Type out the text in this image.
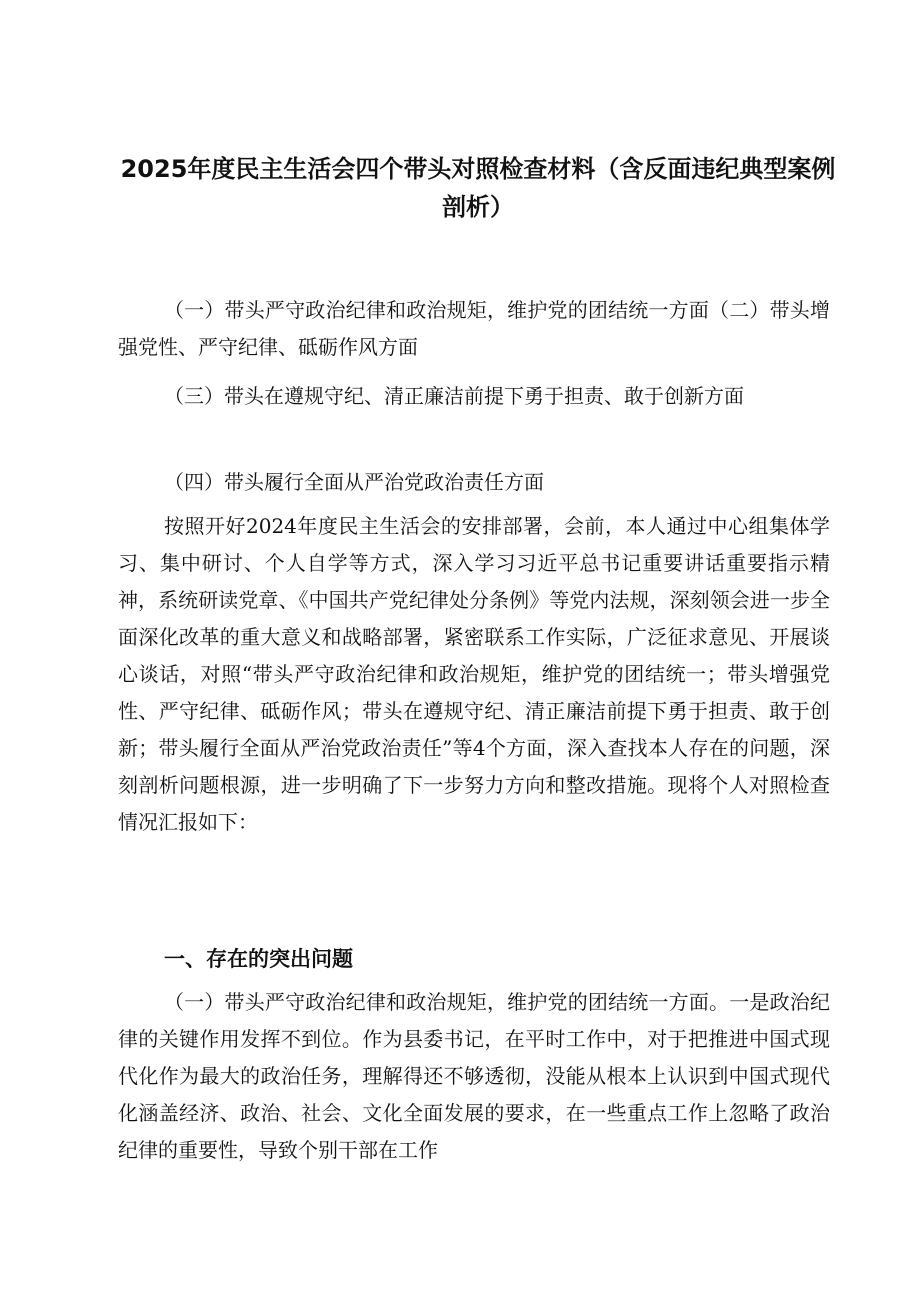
2025年度民主生活会四个带头对照检查材料（含反面违纪典型案例剖析）
（一）带头严守政治纪律和政治规矩，维护党的团结统一方面（二）带头增强党性、严守纪律、砥砺作风方面
（三）带头在遵规守纪、清正廉洁前提下勇于担责、敢于创新方面
（四）带头履行全面从严治党政治责任方面
按照开好2024年度民主生活会的安排部署，会前，本人通过中心组集体学习、集中研讨、个人自学等方式，深入学习习近平总书记重要讲话重要指示精神，系统研读党章、《中国共产党纪律处分条例》等党内法规，深刻领会进一步全面深化改革的重大意义和战略部署，紧密联系工作实际，广泛征求意见、开展谈心谈话，对照“带头严守政治纪律和政治规矩，维护党的团结统一；带头增强党性、严守纪律、砥砺作风；带头在遵规守纪、清正廉洁前提下勇于担责、敢于创新；带头履行全面从严治党政治责任”等4个方面，深入查找本人存在的问题，深刻剖析问题根源，进一步明确了下一步努力方向和整改措施。现将个人对照检查情况汇报如下：
一、存在的突出问题
（一）带头严守政治纪律和政治规矩，维护党的团结统一方面。一是政治纪律的关键作用发挥不到位。作为县委书记，在平时工作中，对于把推进中国式现代化作为最大的政治任务，理解得还不够透彻，没能从根本上认识到中国式现代化涵盖经济、政治、社会、文化全面发展的要求，在一些重点工作上忽略了政治纪律的重要性，导致个别干部在工作
